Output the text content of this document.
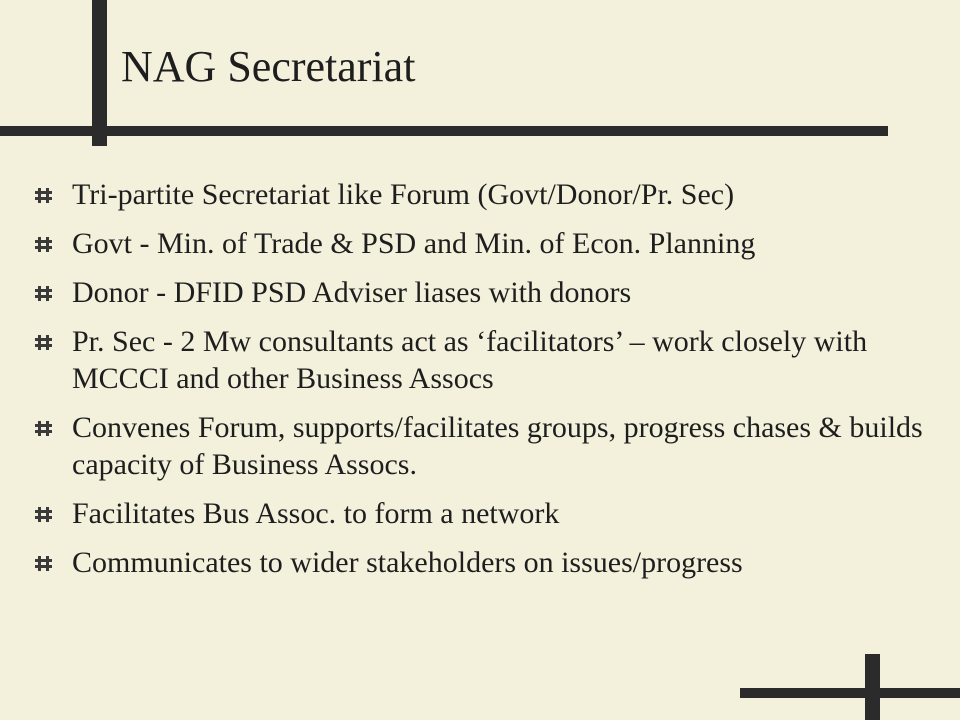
NAG Secretariat
Tri-partite Secretariat like Forum (Govt/Donor/Pr. Sec)
Govt - Min. of Trade & PSD and Min. of Econ. Planning
Donor - DFID PSD Adviser liases with donors
Pr. Sec - 2 Mw consultants act as ‘facilitators’ – work closely with MCCCI and other Business Assocs
Convenes Forum, supports/facilitates groups, progress chases & builds capacity of Business Assocs.
Facilitates Bus Assoc. to form a network
Communicates to wider stakeholders on issues/progress
